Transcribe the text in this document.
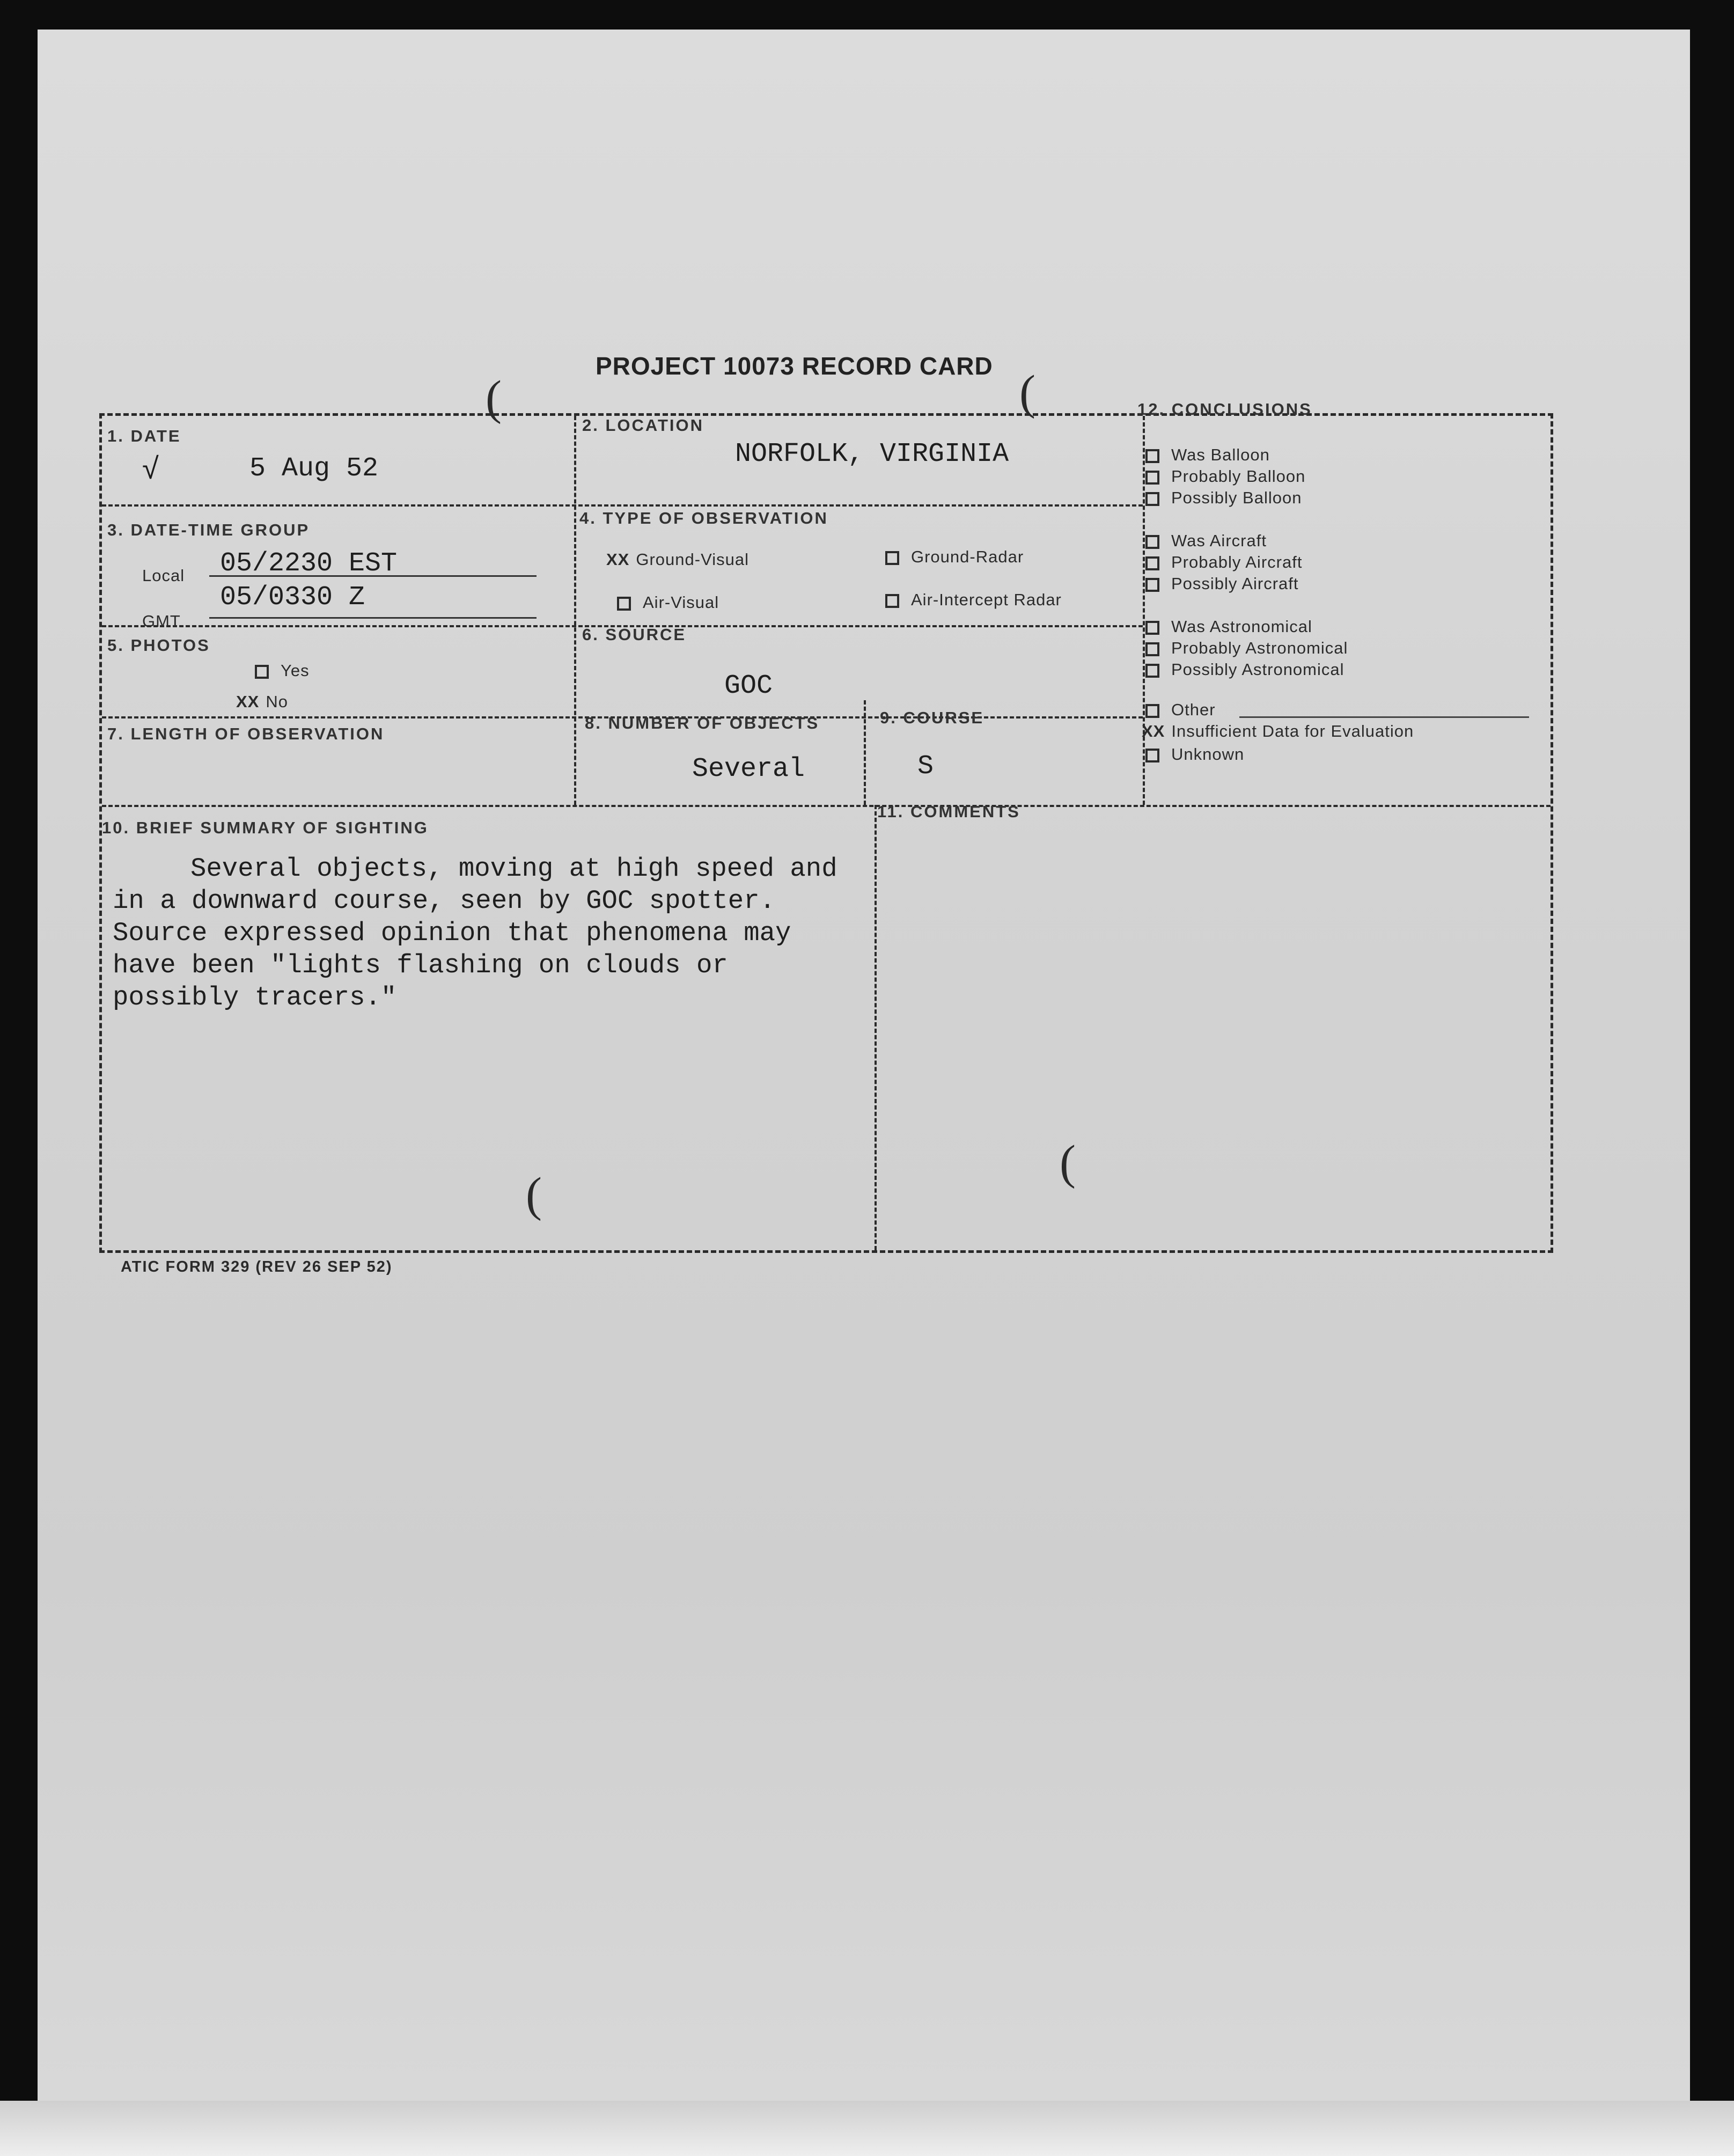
PROJECT 10073 RECORD CARD
(	(
1. DATE
√	5 Aug 52
2. LOCATION
NORFOLK, VIRGINIA
3. DATE-TIME GROUP
Local 05/2230 EST
GMT
05/0330 Z
4. TYPE OF OBSERVATION
XX Ground-Visual	Ground-Radar
Air-Visual	Air-Intercept Radar
5. PHOTOS
Yes
XX No
6. SOURCE
GOC
7. LENGTH OF OBSERVATION
8. NUMBER OF OBJECTS
Several
9. COURSE
S
10. BRIEF SUMMARY OF SIGHTING
Several objects, moving at high speed and
in a downward course, seen by GOC spotter.
Source expressed opinion that phenomena may
have been "lights flashing on clouds or
possibly tracers."
(
11. COMMENTS
(
12. CONCLUSIONS
Was Balloon
Probably Balloon
Possibly Balloon
Was Aircraft
Probably Aircraft
Possibly Aircraft
Was Astronomical
Probably Astronomical
Possibly Astronomical
Other
XX Insufficient Data for Evaluation
Unknown
ATIC FORM 329 (REV 26 SEP 52)
